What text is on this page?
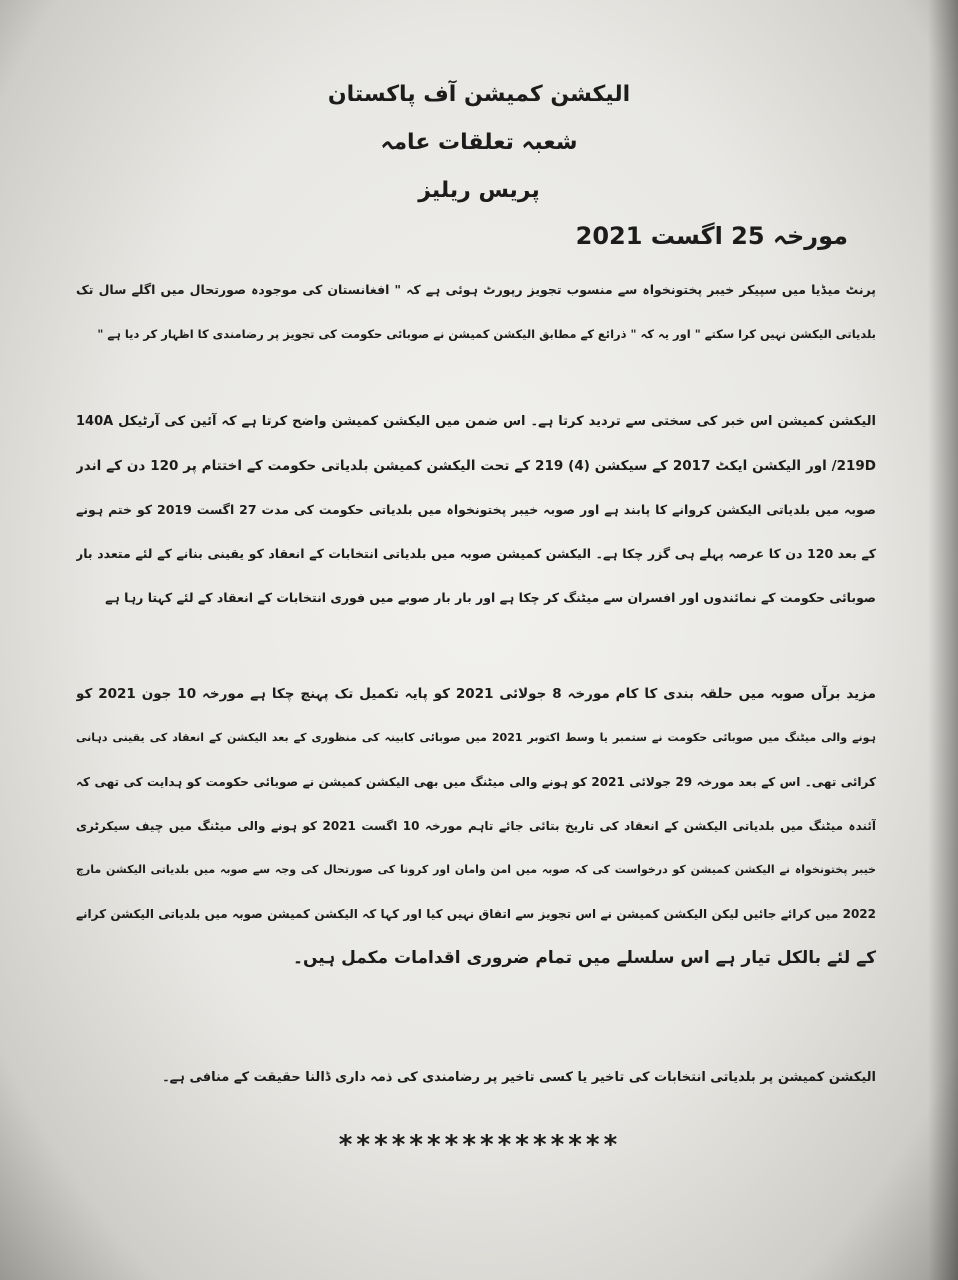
الیکشن کمیشن آف پاکستان
شعبہ تعلقات عامہ
پریس ریلیز
مورخہ 25 اگست 2021
پرنٹ میڈیا میں سپیکر خیبر پختونخواہ سے منسوب تجویز رپورٹ ہوئی ہے کہ " افغانستان کی موجودہ صورتحال میں اگلے سال تک
بلدیاتی الیکشن نہیں کرا سکتے " اور یہ کہ " ذرائع کے مطابق الیکشن کمیشن نے صوبائی حکومت کی تجویز پر رضامندی کا اظہار کر دیا ہے "
الیکشن کمیشن اس خبر کی سختی سے تردید کرتا ہے۔ اس ضمن میں الیکشن کمیشن واضح کرتا ہے کہ آئین کی آرٹیکل 140A
219D/ اور الیکشن ایکٹ 2017 کے سیکشن (4) 219 کے تحت الیکشن کمیشن بلدیاتی حکومت کے اختتام پر 120 دن کے اندر
صوبہ میں بلدیاتی الیکشن کروانے کا پابند ہے اور صوبہ خیبر پختونخواہ میں بلدیاتی حکومت کی مدت 27 اگست 2019 کو ختم ہونے
کے بعد 120 دن کا عرصہ پہلے ہی گزر چکا ہے۔ الیکشن کمیشن صوبہ میں بلدیاتی انتخابات کے انعقاد کو یقینی بنانے کے لئے متعدد بار
صوبائی حکومت کے نمائندوں اور افسران سے میٹنگ کر چکا ہے اور بار بار صوبے میں فوری انتخابات کے انعقاد کے لئے کہتا رہا ہے
مزید برآں صوبہ میں حلقہ بندی کا کام مورخہ 8 جولائی 2021 کو پایہ تکمیل تک پہنچ چکا ہے مورخہ 10 جون 2021 کو
ہونے والی میٹنگ میں صوبائی حکومت نے ستمبر یا وسط اکتوبر 2021 میں صوبائی کابینہ کی منظوری کے بعد الیکشن کے انعقاد کی یقینی دہانی
کرائی تھی۔ اس کے بعد مورخہ 29 جولائی 2021 کو ہونے والی میٹنگ میں بھی الیکشن کمیشن نے صوبائی حکومت کو ہدایت کی تھی کہ
آئندہ میٹنگ میں بلدیاتی الیکشن کے انعقاد کی تاریخ بتائی جائے تاہم مورخہ 10 اگست 2021 کو ہونے والی میٹنگ میں چیف سیکرٹری
خیبر پختونخواہ نے الیکشن کمیشن کو درخواست کی کہ صوبہ میں امن وامان اور کرونا کی صورتحال کی وجہ سے صوبہ میں بلدیاتی الیکشن مارچ
2022 میں کرائے جائیں لیکن الیکشن کمیشن نے اس تجویز سے اتفاق نہیں کیا اور کہا کہ الیکشن کمیشن صوبہ میں بلدیاتی الیکشن کرانے
کے لئے بالکل تیار ہے اس سلسلے میں تمام ضروری اقدامات مکمل ہیں۔
الیکشن کمیشن پر بلدیاتی انتخابات کی تاخیر یا کسی تاخیر پر رضامندی کی ذمہ داری ڈالنا حقیقت کے منافی ہے۔
****************
